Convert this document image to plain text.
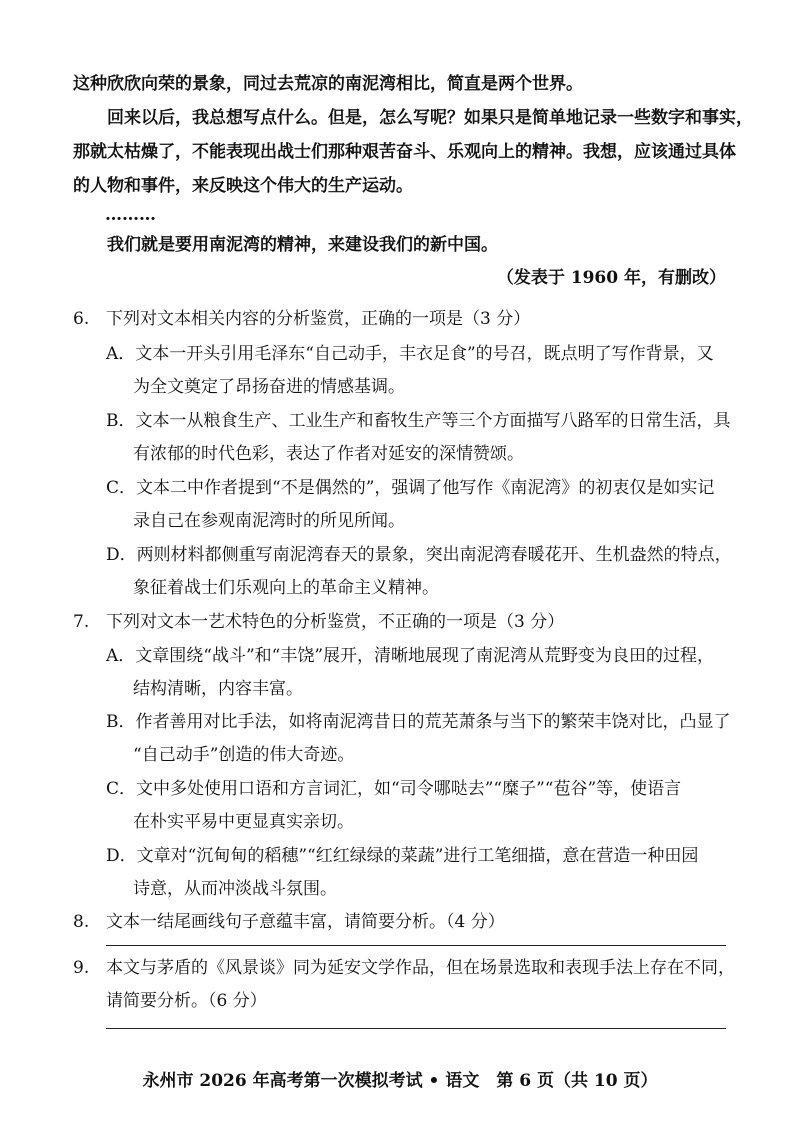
这种欣欣向荣的景象，同过去荒凉的南泥湾相比，简直是两个世界。
回来以后，我总想写点什么。但是，怎么写呢？如果只是简单地记录一些数字和事实，
那就太枯燥了，不能表现出战士们那种艰苦奋斗、乐观向上的精神。我想，应该通过具体
的人物和事件，来反映这个伟大的生产运动。
………
我们就是要用南泥湾的精神，来建设我们的新中国。
（发表于 1960 年，有删改）
6. 下列对文本相关内容的分析鉴赏，正确的一项是（3 分）
A．文本一开头引用毛泽东“自己动手，丰衣足食”的号召，既点明了写作背景，又
为全文奠定了昂扬奋进的情感基调。
B．文本一从粮食生产、工业生产和畜牧生产等三个方面描写八路军的日常生活，具
有浓郁的时代色彩，表达了作者对延安的深情赞颂。
C．文本二中作者提到“不是偶然的”，强调了他写作《南泥湾》的初衷仅是如实记
录自己在参观南泥湾时的所见所闻。
D．两则材料都侧重写南泥湾春天的景象，突出南泥湾春暖花开、生机盎然的特点，
象征着战士们乐观向上的革命主义精神。
7. 下列对文本一艺术特色的分析鉴赏，不正确的一项是（3 分）
A．文章围绕“战斗”和“丰饶”展开，清晰地展现了南泥湾从荒野变为良田的过程，
结构清晰，内容丰富。
B．作者善用对比手法，如将南泥湾昔日的荒芜萧条与当下的繁荣丰饶对比，凸显了
“自己动手”创造的伟大奇迹。
C．文中多处使用口语和方言词汇，如“司令哪哒去”“糜子”“苞谷”等，使语言
在朴实平易中更显真实亲切。
D．文章对“沉甸甸的稻穗”“红红绿绿的菜蔬”进行工笔细描，意在营造一种田园
诗意，从而冲淡战斗氛围。
8. 文本一结尾画线句子意蕴丰富，请简要分析。（4 分）
9. 本文与茅盾的《风景谈》同为延安文学作品，但在场景选取和表现手法上存在不同，
请简要分析。（6 分）
永州市 2026 年高考第一次模拟考试 • 语文　第 6 页（共 10 页）
